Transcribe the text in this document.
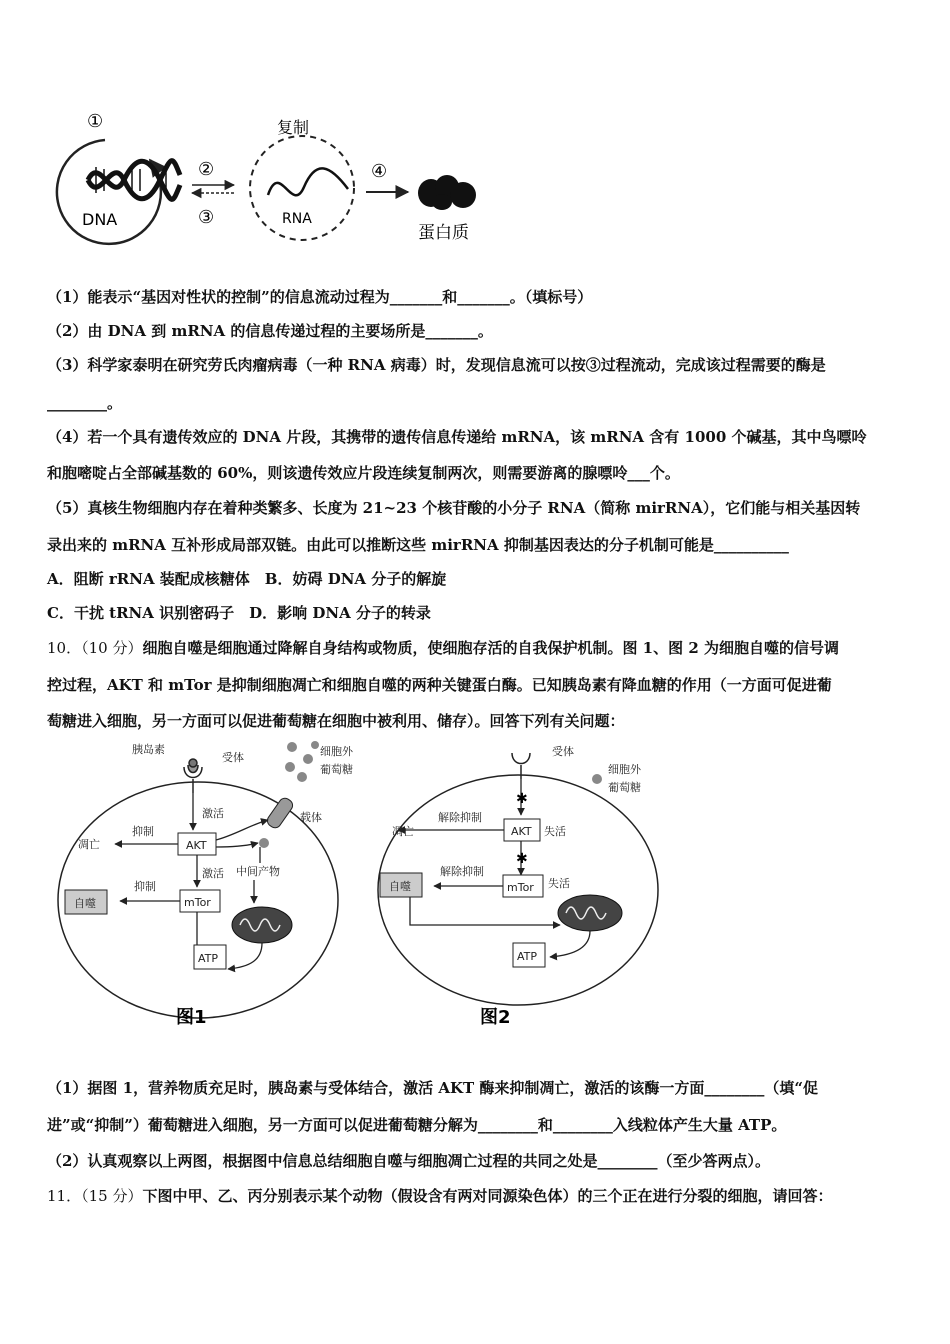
①
DNA
②
③
复制
RNA
④
蛋白质
（1）能表示“基因对性状的控制”的信息流动过程为_______和_______。（填标号）
（2）由 DNA 到 mRNA 的信息传递过程的主要场所是_______。
（3）科学家泰明在研究劳氏肉瘤病毒（一种 RNA 病毒）时，发现信息流可以按③过程流动，完成该过程需要的酶是
________。
（4）若一个具有遗传效应的 DNA 片段，其携带的遗传信息传递给 mRNA，该 mRNA 含有 1000 个碱基，其中鸟嘌呤
和胞嘧啶占全部碱基数的 60%，则该遗传效应片段连续复制两次，则需要游离的腺嘌呤___个。
（5）真核生物细胞内存在着种类繁多、长度为 21~23 个核苷酸的小分子 RNA（简称 mirRNA），它们能与相关基因转
录出来的 mRNA 互补形成局部双链。由此可以推断这些 mirRNA 抑制基因表达的分子机制可能是__________
A．阻断 rRNA 装配成核糖体　B．妨碍 DNA 分子的解旋
C．干扰 tRNA 识别密码子　D．影响 DNA 分子的转录
10．（10 分）细胞自噬是细胞通过降解自身结构或物质，使细胞存活的自我保护机制。图 1、图 2 为细胞自噬的信号调
控过程，AKT 和 mTor 是抑制细胞凋亡和细胞自噬的两种关键蛋白酶。已知胰岛素有降血糖的作用（一方面可促进葡
萄糖进入细胞，另一方面可以促进葡萄糖在细胞中被利用、储存）。回答下列有关问题：
胰岛素
受体	细胞外
葡萄糖
载体
激活
AKT
抑制
凋亡
激活
mTor
抑制
自噬
中间产物
ATP
图1
受体
细胞外
葡萄糖
✱
AKT 失活
解除抑制
凋亡
✱
mTor 失活
解除抑制
自噬
ATP
图2
（1）据图 1，营养物质充足时，胰岛素与受体结合，激活 AKT 酶来抑制凋亡，激活的该酶一方面________（填“促
进”或“抑制”）葡萄糖进入细胞，另一方面可以促进葡萄糖分解为________和________入线粒体产生大量 ATP。
（2）认真观察以上两图，根据图中信息总结细胞自噬与细胞凋亡过程的共同之处是________（至少答两点）。
11．（15 分）下图中甲、乙、丙分别表示某个动物（假设含有两对同源染色体）的三个正在进行分裂的细胞，请回答：
